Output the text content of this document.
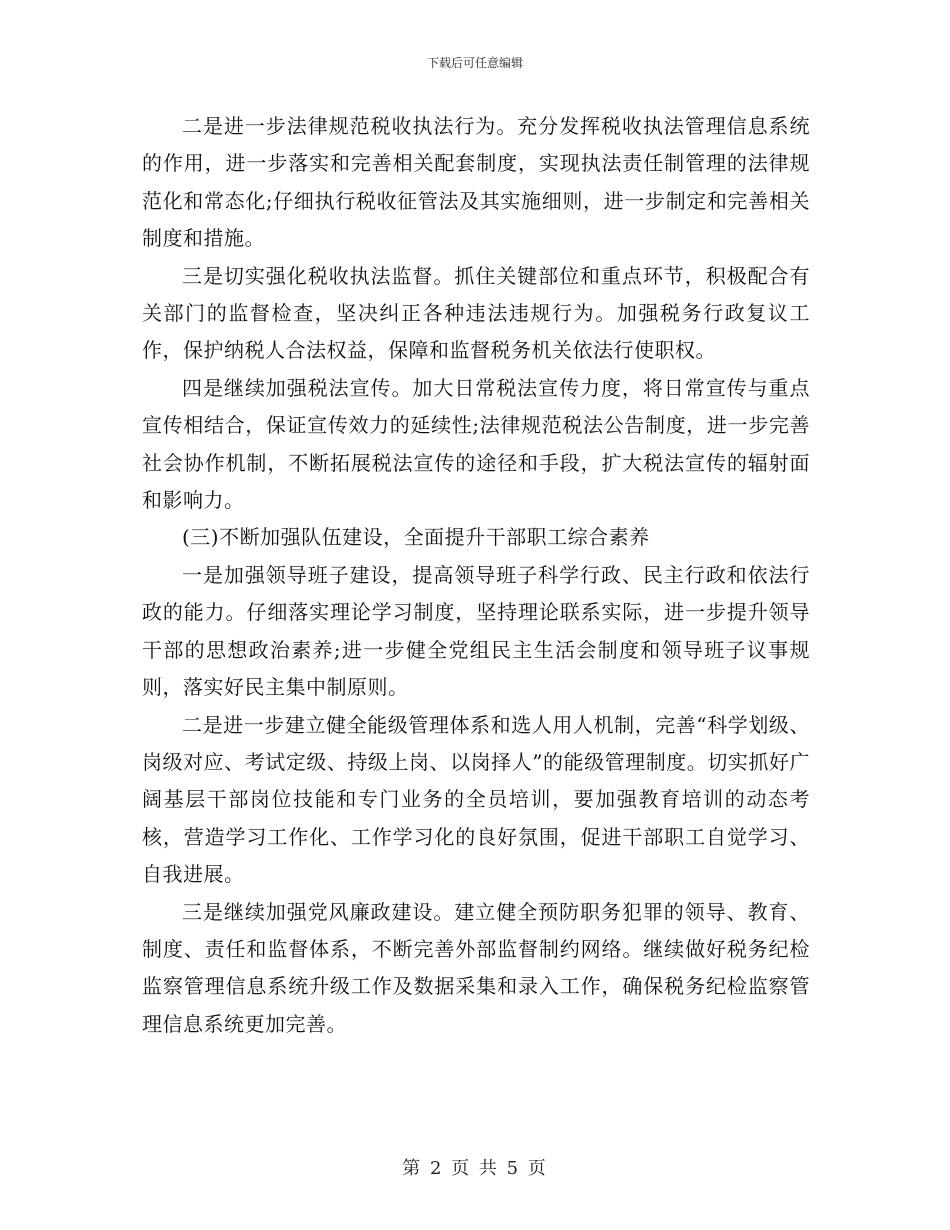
下载后可任意编辑

二是进一步法律规范税收执法行为。充分发挥税收执法管理信息系统的作用，进一步落实和完善相关配套制度，实现执法责任制管理的法律规范化和常态化;仔细执行税收征管法及其实施细则，进一步制定和完善相关制度和措施。

三是切实强化税收执法监督。抓住关键部位和重点环节，积极配合有关部门的监督检查，坚决纠正各种违法违规行为。加强税务行政复议工作，保护纳税人合法权益，保障和监督税务机关依法行使职权。

四是继续加强税法宣传。加大日常税法宣传力度，将日常宣传与重点宣传相结合，保证宣传效力的延续性;法律规范税法公告制度，进一步完善社会协作机制，不断拓展税法宣传的途径和手段，扩大税法宣传的辐射面和影响力。

(三)不断加强队伍建设，全面提升干部职工综合素养

一是加强领导班子建设，提高领导班子科学行政、民主行政和依法行政的能力。仔细落实理论学习制度，坚持理论联系实际，进一步提升领导干部的思想政治素养;进一步健全党组民主生活会制度和领导班子议事规则，落实好民主集中制原则。

二是进一步建立健全能级管理体系和选人用人机制，完善“科学划级、岗级对应、考试定级、持级上岗、以岗择人”的能级管理制度。切实抓好广阔基层干部岗位技能和专门业务的全员培训，要加强教育培训的动态考核，营造学习工作化、工作学习化的良好氛围，促进干部职工自觉学习、自我进展。

三是继续加强党风廉政建设。建立健全预防职务犯罪的领导、教育、制度、责任和监督体系，不断完善外部监督制约网络。继续做好税务纪检监察管理信息系统升级工作及数据采集和录入工作，确保税务纪检监察管理信息系统更加完善。

第 2 页 共 5 页
